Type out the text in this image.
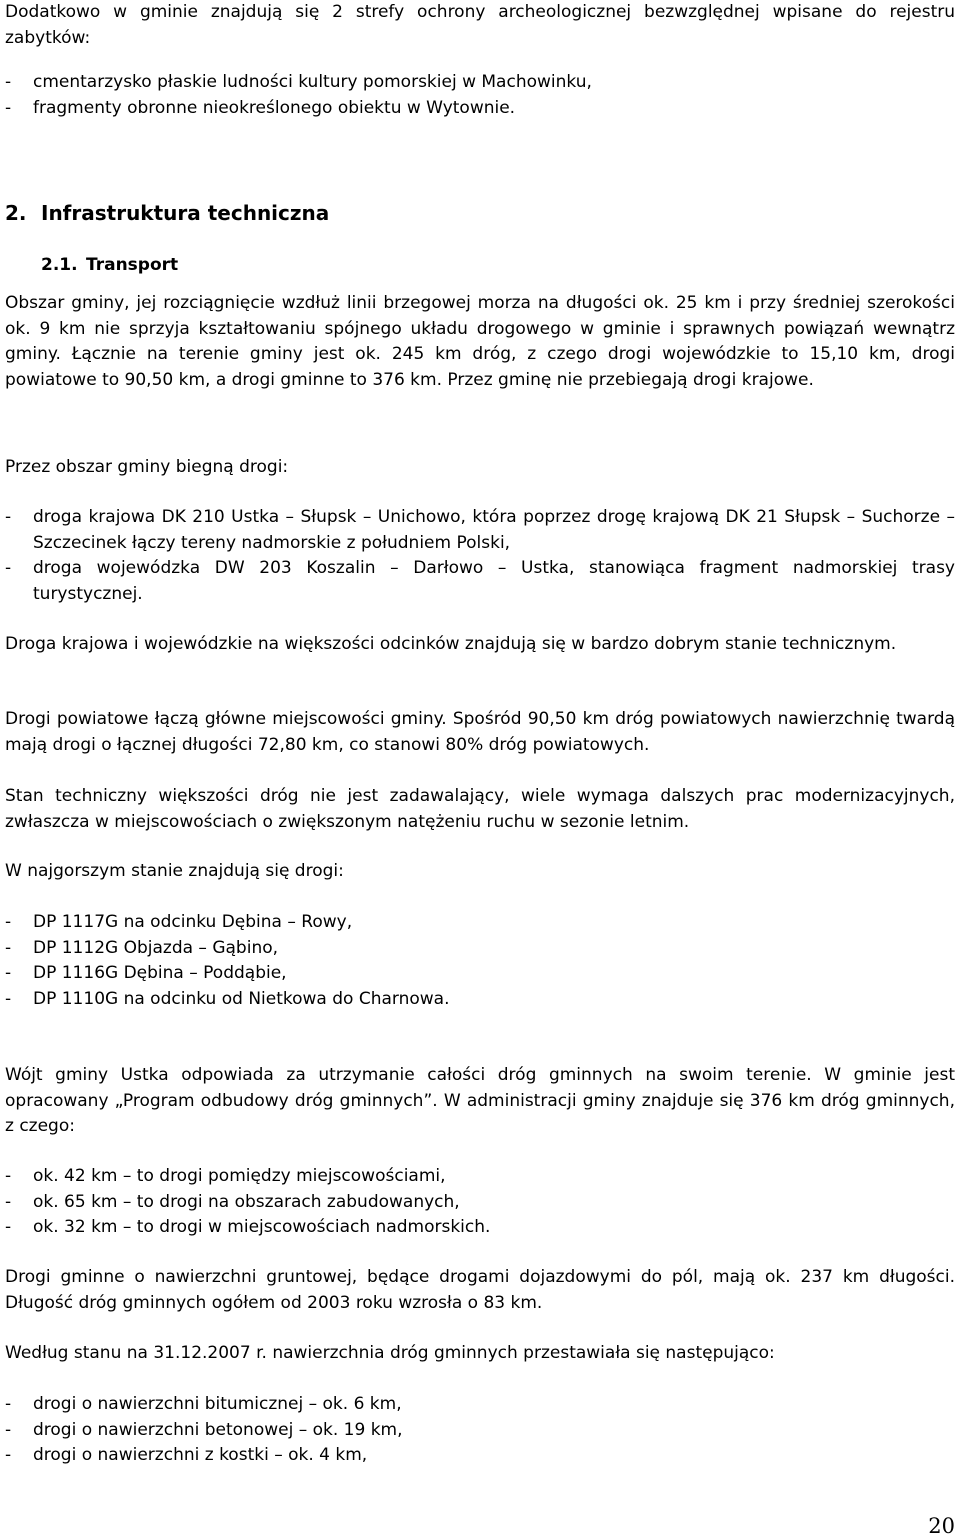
Dodatkowo w gminie znajdują się 2 strefy ochrony archeologicznej bezwzględnej wpisane do rejestru zabytków:

- cmentarzysko płaskie ludności kultury pomorskiej w Machowinku,
- fragmenty obronne nieokreślonego obiektu w Wytownie.
2. Infrastruktura techniczna
2.1. Transport

Obszar gminy, jej rozciągnięcie wzdłuż linii brzegowej morza na długości ok. 25 km i przy średniej szerokości ok. 9 km nie sprzyja kształtowaniu spójnego układu drogowego w gminie i sprawnych powiązań wewnątrz gminy. Łącznie na terenie gminy jest ok. 245 km dróg, z czego drogi wojewódzkie to 15,10 km, drogi powiatowe to 90,50 km, a drogi gminne to 376 km. Przez gminę nie przebiegają drogi krajowe.

Przez obszar gminy biegną drogi:

- droga krajowa DK 210 Ustka – Słupsk – Unichowo, która poprzez drogę krajową DK 21 Słupsk – Suchorze – Szczecinek łączy tereny nadmorskie z południem Polski,
- droga wojewódzka DW 203 Koszalin – Darłowo – Ustka, stanowiąca fragment nadmorskiej trasy turystycznej.

Droga krajowa i wojewódzkie na większości odcinków znajdują się w bardzo dobrym stanie technicznym.

Drogi powiatowe łączą główne miejscowości gminy. Spośród 90,50 km dróg powiatowych nawierzchnię twardą mają drogi o łącznej długości 72,80 km, co stanowi 80% dróg powiatowych.

Stan techniczny większości dróg nie jest zadawalający, wiele wymaga dalszych prac modernizacyjnych, zwłaszcza w miejscowościach o zwiększonym natężeniu ruchu w sezonie letnim.

W najgorszym stanie znajdują się drogi:

- DP 1117G na odcinku Dębina – Rowy,
- DP 1112G Objazda – Gąbino,
- DP 1116G Dębina – Poddąbie,
- DP 1110G na odcinku od Nietkowa do Charnowa.

Wójt gminy Ustka odpowiada za utrzymanie całości dróg gminnych na swoim terenie. W gminie jest opracowany „Program odbudowy dróg gminnych”. W administracji gminy znajduje się 376 km dróg gminnych, z czego:

- ok. 42 km – to drogi pomiędzy miejscowościami,
- ok. 65 km – to drogi na obszarach zabudowanych,
- ok. 32 km – to drogi w miejscowościach nadmorskich.

Drogi gminne o nawierzchni gruntowej, będące drogami dojazdowymi do pól, mają ok. 237 km długości. Długość dróg gminnych ogółem od 2003 roku wzrosła o 83 km.

Według stanu na 31.12.2007 r. nawierzchnia dróg gminnych przestawiała się następująco:

- drogi o nawierzchni bitumicznej – ok. 6 km,
- drogi o nawierzchni betonowej – ok. 19 km,
- drogi o nawierzchni z kostki – ok. 4 km,
20
